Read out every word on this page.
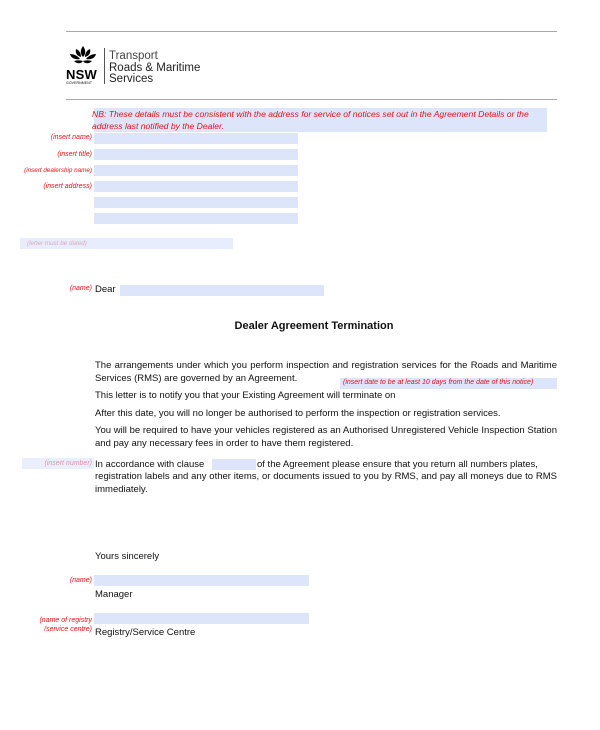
NSW
GOVERNMENT
Transport
Roads & Maritime
Services
NB: These details must be consistent with the address for service of notices set out in the Agreement Details or the address last notified by the Dealer.
(insert name)
(insert title)
(insert dealership name)
(insert address)
(name) Dear
Dealer Agreement Termination
The arrangements under which you perform inspection and registration services for the Roads and Maritime Services (RMS) are governed by an Agreement.	(insert date to be at least 10 days from the date of this notice)
This letter is to notify you that your Existing Agreement will terminate on
After this date, you will no longer be authorised to perform the inspection or registration services.
You will be required to have your vehicles registered as an Authorised Unregistered Vehicle Inspection Station and pay any necessary fees in order to have them registered.
In accordance with clause	of the Agreement please ensure that you return all numbers plates,
registration labels and any other items, or documents issued to you by RMS, and pay all moneys due to RMS immediately.
Yours sincerely
(name)
Manager
(name of registry
/service centre) Registry/Service Centre
